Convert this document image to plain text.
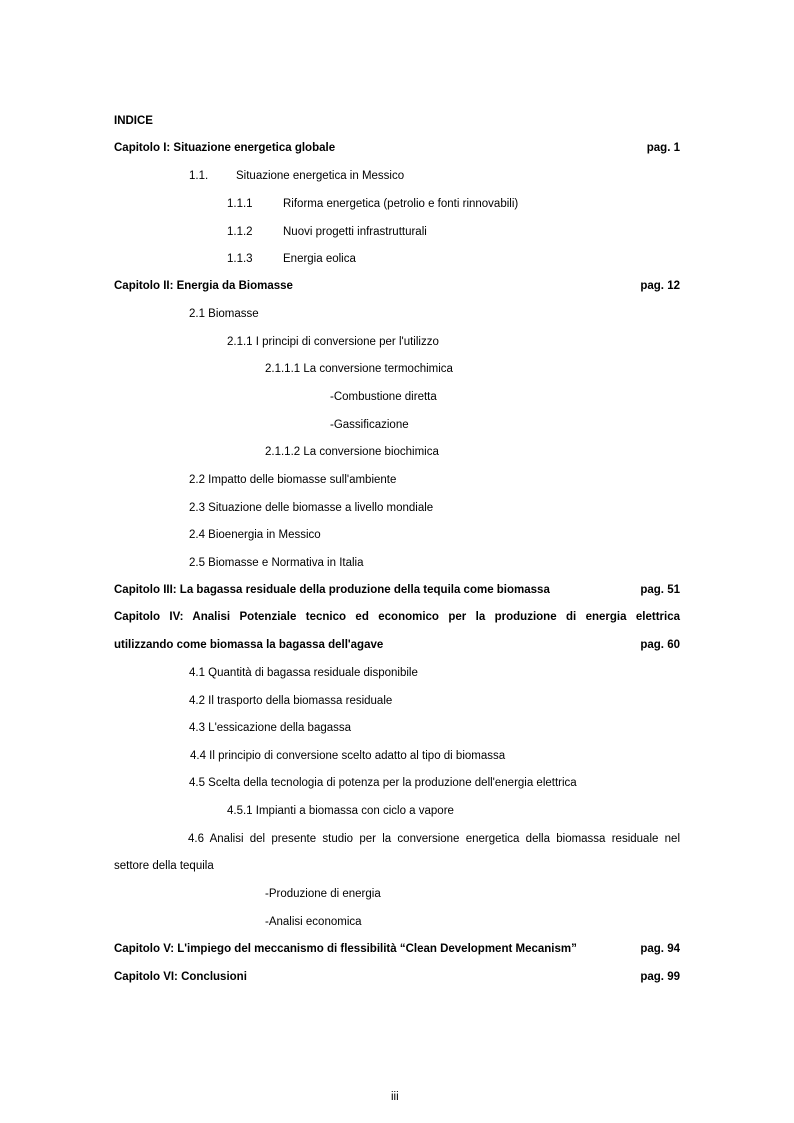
INDICE
Capitolo I: Situazione energetica globale	pag. 1
1.1. Situazione energetica in Messico
1.1.1	Riforma energetica (petrolio e fonti rinnovabili)
1.1.2	Nuovi progetti infrastrutturali
1.1.3	Energia eolica
Capitolo II: Energia da Biomasse	pag. 12
2.1 Biomasse
2.1.1 I principi di conversione per l'utilizzo
2.1.1.1 La conversione termochimica
-Combustione diretta
-Gassificazione
2.1.1.2 La conversione biochimica
2.2 Impatto delle biomasse sull'ambiente
2.3 Situazione delle biomasse a livello mondiale
2.4 Bioenergia in Messico
2.5 Biomasse e Normativa in Italia
Capitolo III: La bagassa residuale della produzione della tequila come biomassa	pag. 51
Capitolo IV: Analisi Potenziale tecnico ed economico per la produzione di energia elettrica
utilizzando come biomassa la bagassa dell'agave	pag. 60
4.1 Quantità di bagassa residuale disponibile
4.2 Il trasporto della biomassa residuale
4.3 L'essicazione della bagassa
4.4 Il principio di conversione scelto adatto al tipo di biomassa
4.5 Scelta della tecnologia di potenza per la produzione dell'energia elettrica
4.5.1 Impianti a biomassa con ciclo a vapore
4.6 Analisi del presente studio per la conversione energetica della biomassa residuale nel
settore della tequila
-Produzione di energia
-Analisi economica
Capitolo V: L'impiego del meccanismo di flessibilità “Clean Development Mecanism”	pag. 94
Capitolo VI: Conclusioni	pag. 99
iii
